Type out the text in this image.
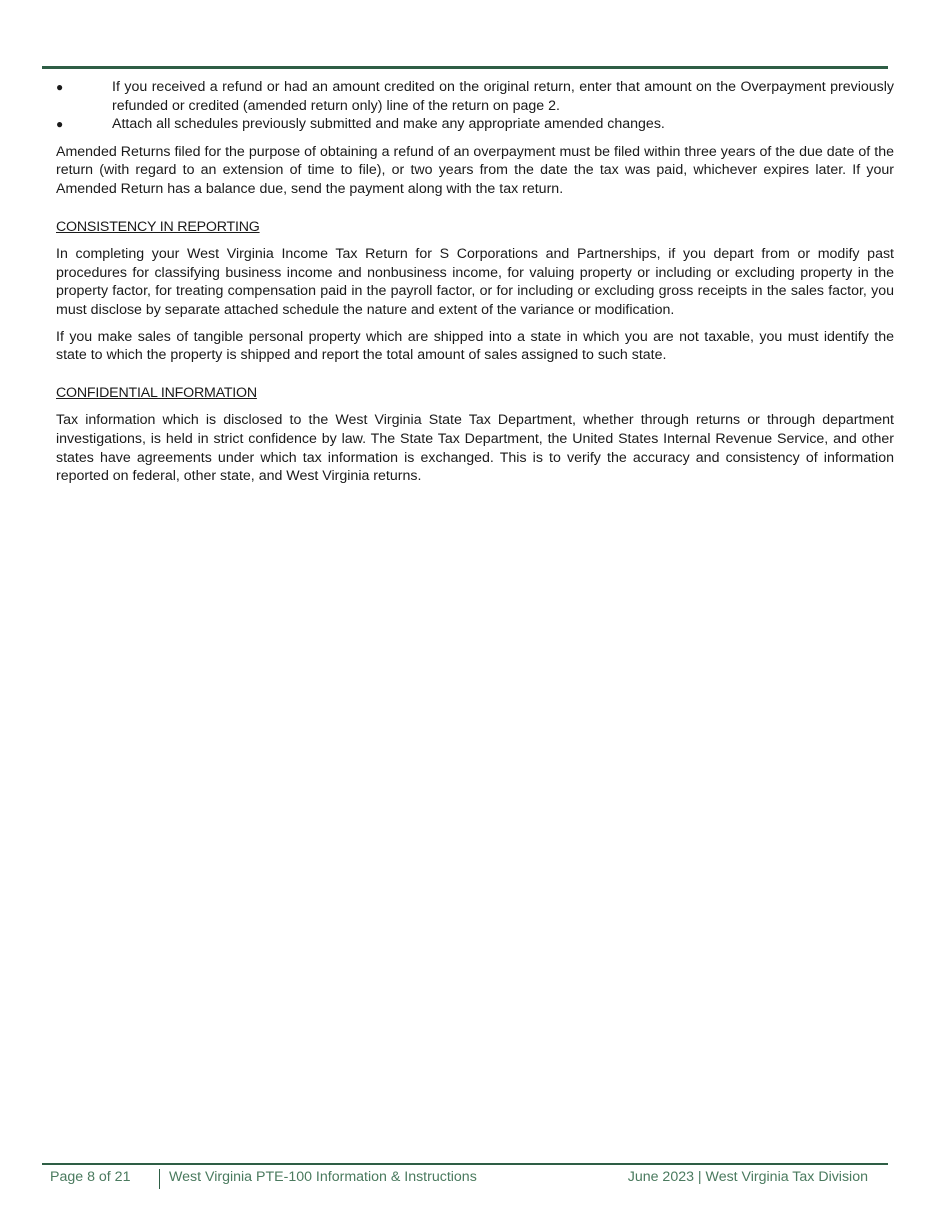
●	If you received a refund or had an amount credited on the original return, enter that amount on the Overpayment previously refunded or credited (amended return only) line of the return on page 2.
●	Attach all schedules previously submitted and make any appropriate amended changes.

Amended Returns filed for the purpose of obtaining a refund of an overpayment must be filed within three years of the due date of the return (with regard to an extension of time to file), or two years from the date the tax was paid, whichever expires later. If your Amended Return has a balance due, send the payment along with the tax return.

CONSISTENCY IN REPORTING

In completing your West Virginia Income Tax Return for S Corporations and Partnerships, if you depart from or modify past procedures for classifying business income and nonbusiness income, for valuing property or including or excluding property in the property factor, for treating compensation paid in the payroll factor, or for including or excluding gross receipts in the sales factor, you must disclose by separate attached schedule the nature and extent of the variance or modification.

If you make sales of tangible personal property which are shipped into a state in which you are not taxable, you must identify the state to which the property is shipped and report the total amount of sales assigned to such state.

CONFIDENTIAL INFORMATION

Tax information which is disclosed to the West Virginia State Tax Department, whether through returns or through department investigations, is held in strict confidence by law. The State Tax Department, the United States Internal Revenue Service, and other states have agreements under which tax information is exchanged. This is to verify the accuracy and consistency of information reported on federal, other state, and West Virginia returns.

Page 8 of 21	West Virginia PTE-100 Information & Instructions	June 2023 | West Virginia Tax Division
